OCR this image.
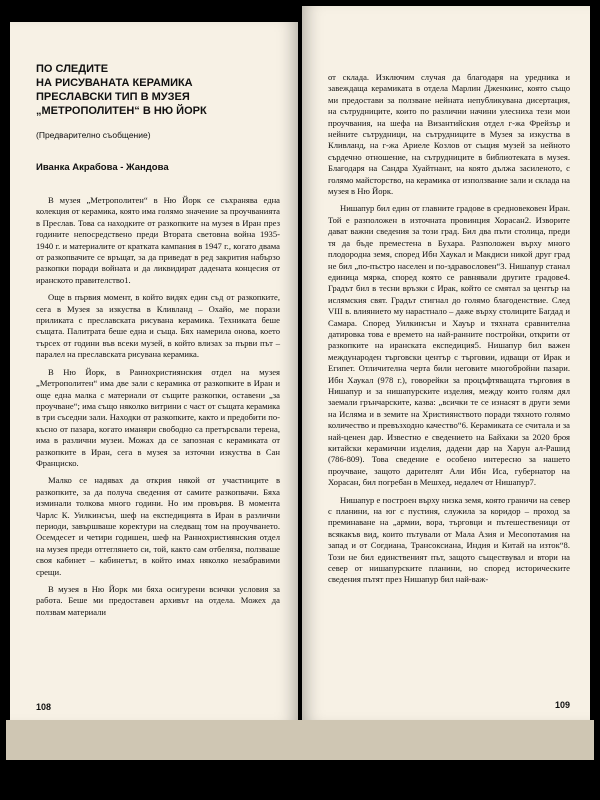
ПО СЛЕДИТЕ
НА РИСУВАНАТА КЕРАМИКА
ПРЕСЛАВСКИ ТИП В МУЗЕЯ
„МЕТРОПОЛИТЕН“ В НЮ ЙОРК
(Предварително съобщение)
Иванка Акрабова - Жандова

В музея „Метрополитен“ в Ню Йорк се съхранява една колекция от керамика, която има голямо значение за проучванията в Преслав. Това са находките от разкопките на музея в Иран през годините непосредствено преди Втората световна война 1935-1940 г. и материалите от кратката кампания в 1947 г., когато двама от разкопвачите се връщат, за да приведат в ред закрития набързо разкопки поради войната и да ликвидират дадената концесия от иранското правителство1.

Още в първия момент, в който видях един съд от разкопките, сега в Музея за изкуства в Кливланд – Охайо, ме порази приликата с преславската рисувана керамика. Техниката беше същата. Палитрата беше една и съща. Бях намерила онова, което търсех от години във всеки музей, в който влизах за първи път – паралел на преславската рисувана керамика.

В Ню Йорк, в Раннохристиянския отдел на музея „Метрополитен“ има две зали с керамика от разкопките в Иран и още една малка с материали от същите разкопки, оставени „за проучване“; има също няколко витрини с част от същата керамика в три съседни зали. Находки от разкопките, както и предобити по-късно от пазара, когато иманяри свободно са претърсвали терена, има в различни музеи. Можах да се запозная с керамиката от разкопките в Иран, сега в музея за източни изкуства в Сан Франциско.

Малко се надявах да открия някой от участниците в разкопките, за да получа сведения от самите разкопвачи. Бяха изминали толкова много години. Но им провървя. В момента Чарлс К. Уилкинсън, шеф на експедицията в Иран в различни периоди, завършваше коректури на следващ том на проучването. Осемдесет и четири годишен, шеф на Раннохристиянския отдел на музея преди оттеглянето си, той, както сам отбеляза, ползваше своя кабинет – кабинетът, в който имах няколко незабравими срещи.

В музея в Ню Йорк ми бяха осигурени всички условия за работа. Беше ми предоставен архивът на отдела. Можех да ползвам материали

108

от склада. Изключим случая да благодаря на уредника и завеждаща керамиката в отдела Марлин Дженкинс, която също ми предостави за ползване нейната непубликувана дисертация, на сътрудниците, които по различни начини улесниха тези мои проучвания, на шефа на Византийския отдел г-жа Фрейзър и нейните сътрудници, на сътрудниците в Музея за изкуства в Кливланд, на г-жа Ариеле Козлов от същия музей за нейното сърдечно отношение, на сътрудниците в библиотеката в музея. Благодаря на Сандра Хуайтнант, на която дължа засиленото, с голямо майсторство, на керамика от използвание зали и склада на музея в Ню Йорк.

Нишапур бил един от главните градове в средновековен Иран. Той е разположен в източната провинция Хорасан2. Изворите дават важни сведения за този град. Бил два пъти столица, преди тя да бъде преместена в Бухара. Разположен върху много плодородна земя, според Ибн Хаукал и Макдиси никой друг град не бил „по-пъстро населен и по-здравословен“3. Нишапур станал единица мярка, според която се равнявали другите градове4. Градът бил в тесни връзки с Ирак, който се смятал за център на ислямския свят. Градът стигнал до голямо благоденствие. След VIII в. влиянието му нарастнало – даже върху столиците Багдад и Самара. Според Уилкинсън и Хауър и тяхната сравнителна датировка това е времето на най-ранните постройки, открити от разкопките на иранската експедиция5. Нишапур бил важен международен търговски център с търговии, идващи от Ирак и Египет. Отличителна черта били неговите многобройни пазари. Ибн Хаукал (978 г.), говорейки за процъфтяващата търговия в Нишапур и за нишапурските изделия, между които голям дял заемали грънчарските, казва: „всички те се изнасят в други земи на Исляма и в земите на Християнството поради тяхното голямо количество и превъзходно качество“6. Керамиката се считала и за най-ценен дар. Известно е сведението на Байхаки за 2020 броя китайски керамични изделия, дадени дар на Харун ал-Рашид (786-809). Това сведение е особено интересно за нашето проучване, защото дарителят Али Ибн Иса, губернатор на Хорасан, бил погребан в Мешхед, недалеч от Нишапур7.

Нишапур е построен върху низка земя, която граничи на север с планини, на юг с пустиня, служила за коридор – проход за преминаване на „армии, вора, търговци и пътешественици от всякакъв вид, които пътували от Мала Азия и Месопотамия на запад и от Согдиана, Трансоксиана, Индия и Китай на изток“8. Този не бил единственият път, защото съществувал и втори на север от нишапурските планини, но според историческите сведения пътят през Нишапур бил най-важ-

109
